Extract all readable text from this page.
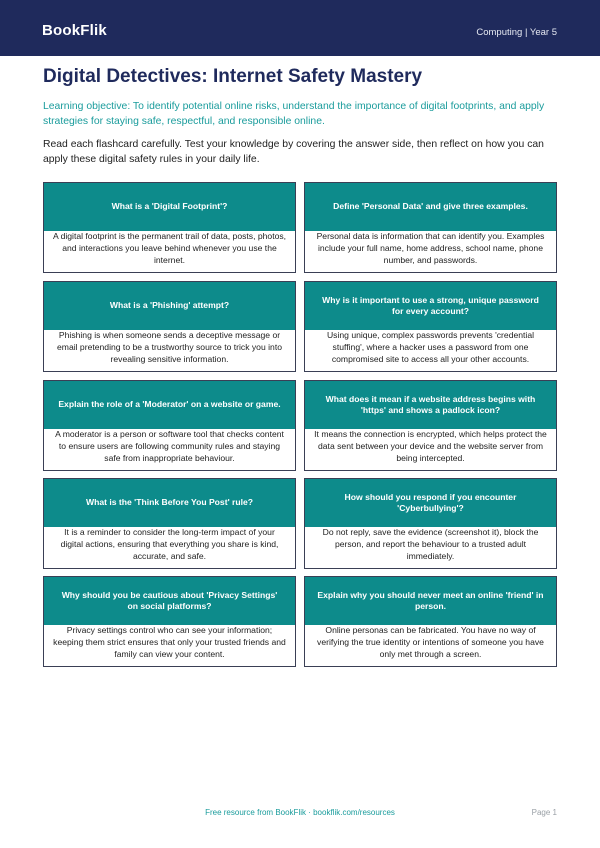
BookFlik	Computing | Year 5
Digital Detectives: Internet Safety Mastery
Learning objective: To identify potential online risks, understand the importance of digital footprints, and apply strategies for staying safe, respectful, and responsible online.
Read each flashcard carefully. Test your knowledge by covering the answer side, then reflect on how you can apply these digital safety rules in your daily life.
What is a 'Digital Footprint'?
A digital footprint is the permanent trail of data, posts, photos, and interactions you leave behind whenever you use the internet.
Define 'Personal Data' and give three examples.
Personal data is information that can identify you. Examples include your full name, home address, school name, phone number, and passwords.
What is a 'Phishing' attempt?
Phishing is when someone sends a deceptive message or email pretending to be a trustworthy source to trick you into revealing sensitive information.
Why is it important to use a strong, unique password for every account?
Using unique, complex passwords prevents 'credential stuffing', where a hacker uses a password from one compromised site to access all your other accounts.
Explain the role of a 'Moderator' on a website or game.
A moderator is a person or software tool that checks content to ensure users are following community rules and staying safe from inappropriate behaviour.
What does it mean if a website address begins with 'https' and shows a padlock icon?
It means the connection is encrypted, which helps protect the data sent between your device and the website server from being intercepted.
What is the 'Think Before You Post' rule?
It is a reminder to consider the long-term impact of your digital actions, ensuring that everything you share is kind, accurate, and safe.
How should you respond if you encounter 'Cyberbullying'?
Do not reply, save the evidence (screenshot it), block the person, and report the behaviour to a trusted adult immediately.
Why should you be cautious about 'Privacy Settings' on social platforms?
Privacy settings control who can see your information; keeping them strict ensures that only your trusted friends and family can view your content.
Explain why you should never meet an online 'friend' in person.
Online personas can be fabricated. You have no way of verifying the true identity or intentions of someone you have only met through a screen.
Free resource from BookFlik · bookflik.com/resources	Page 1
